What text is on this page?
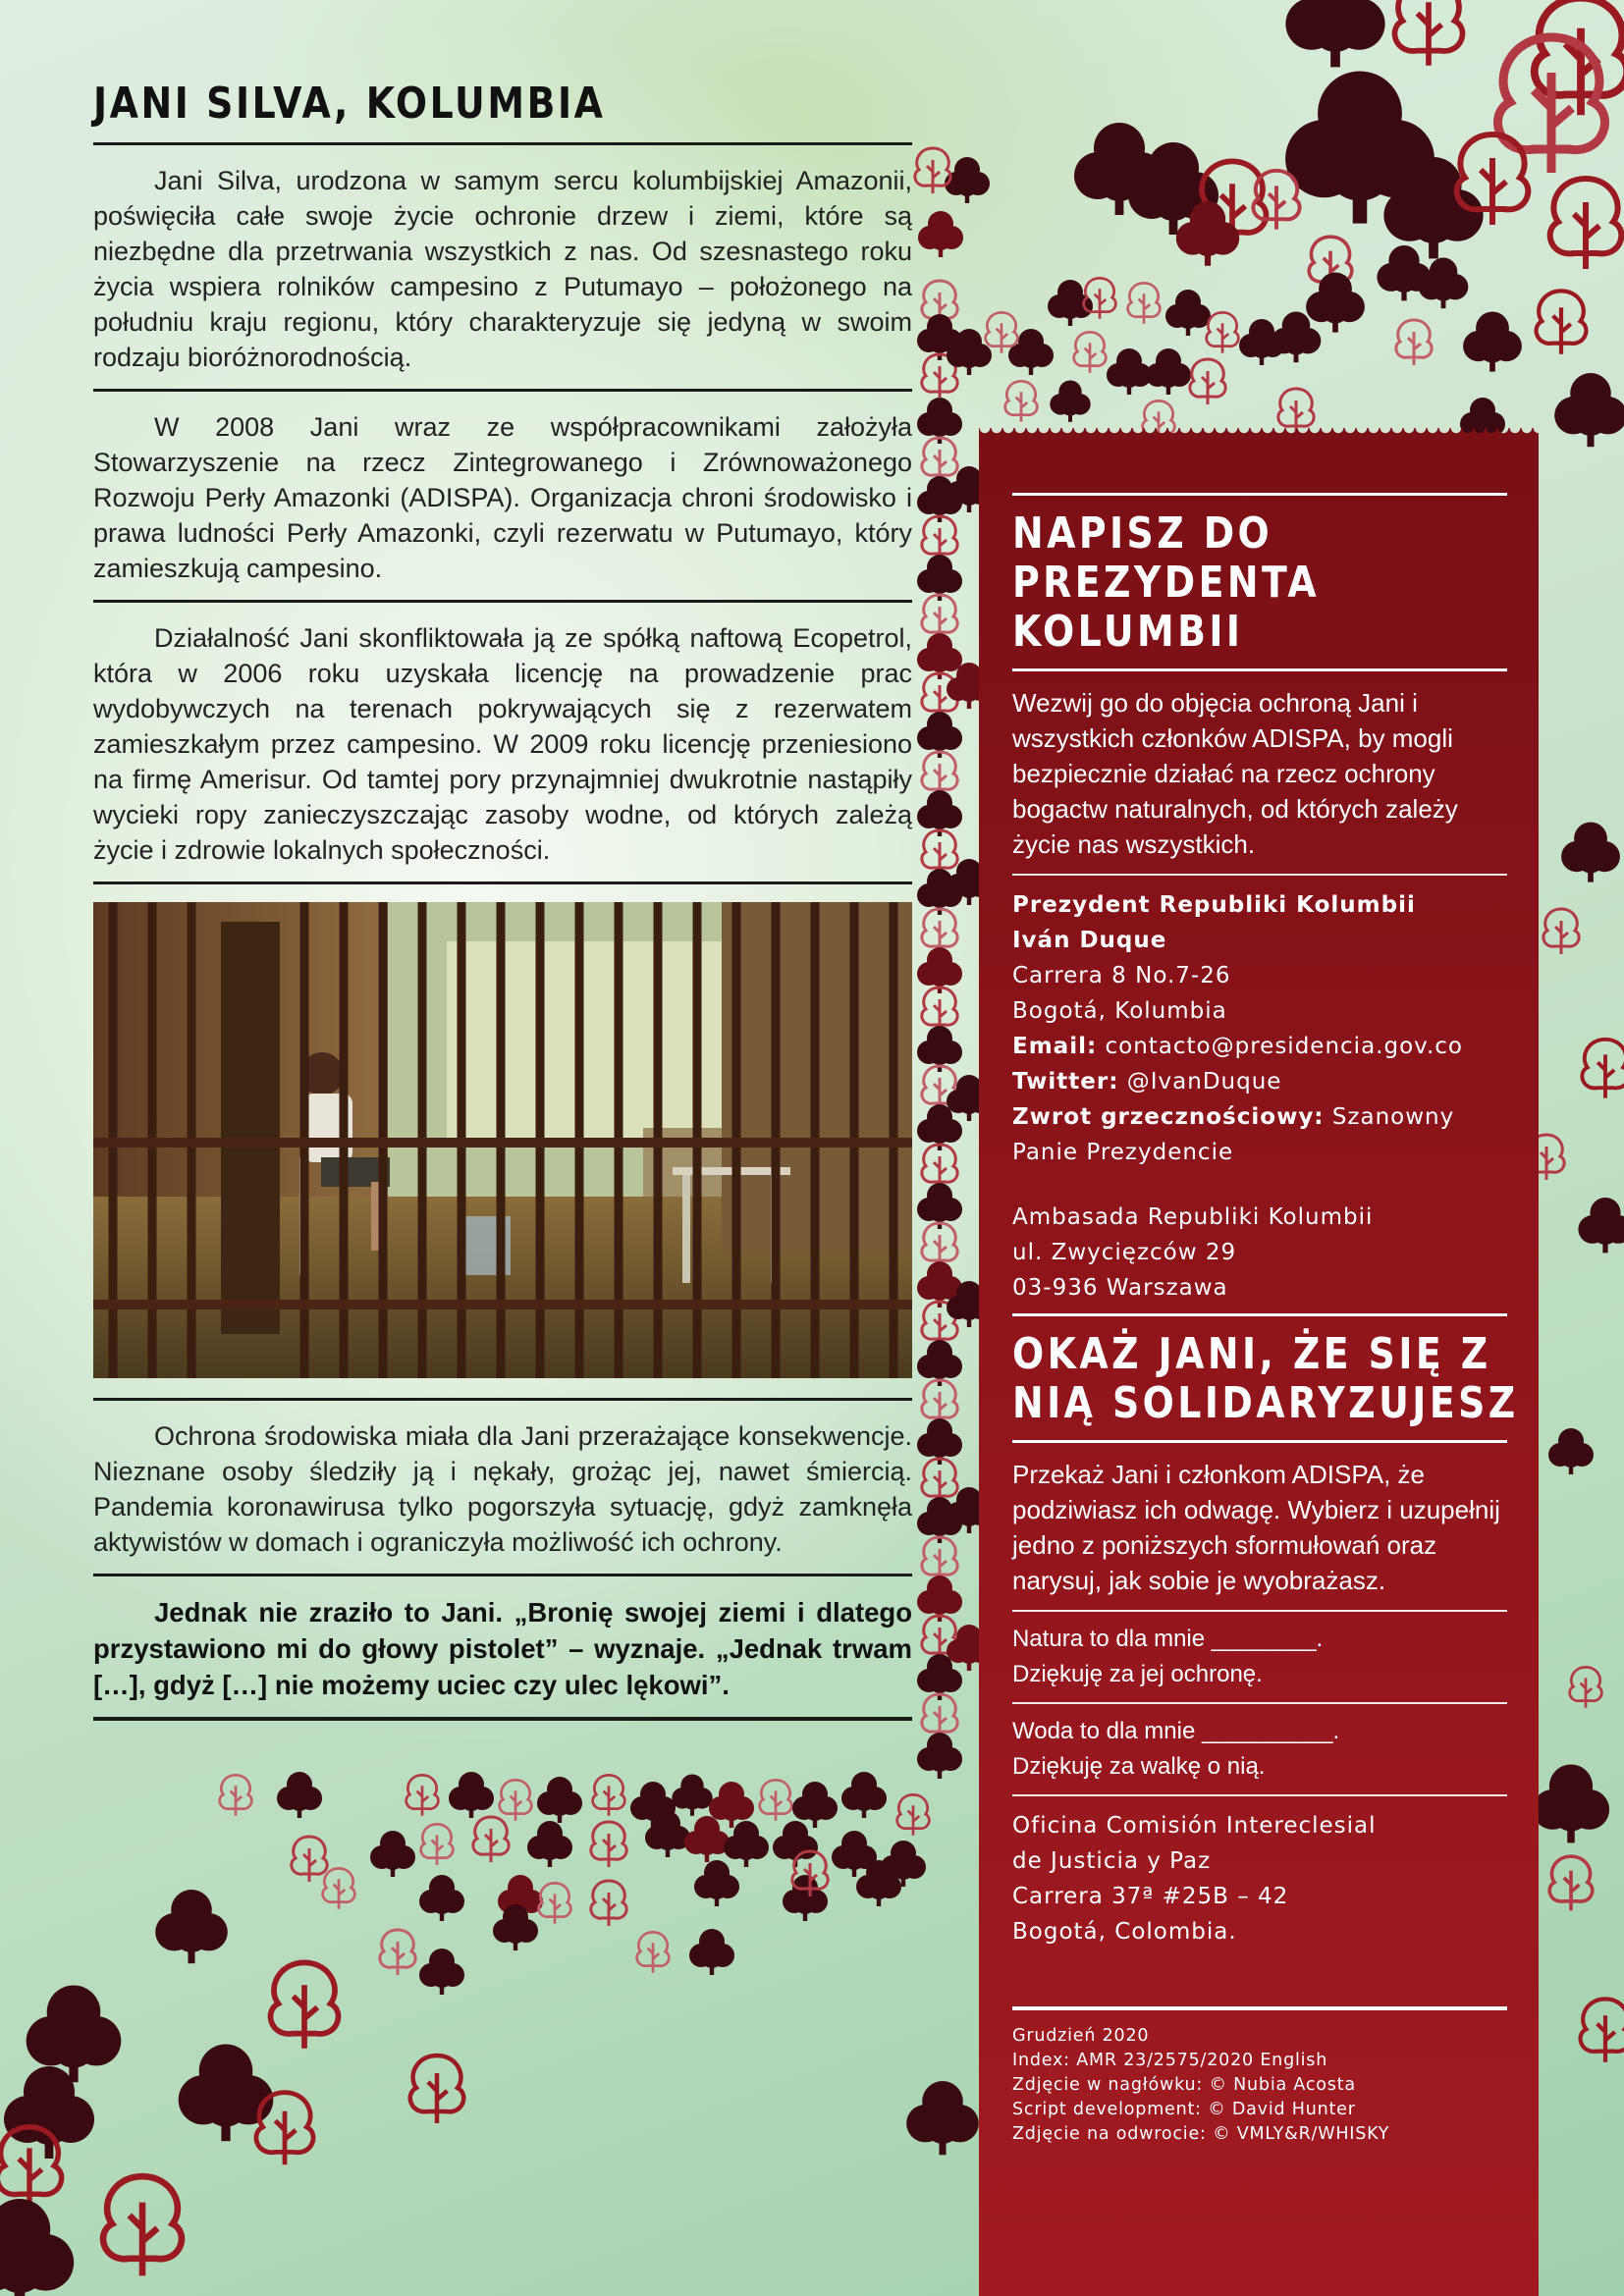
JANI SILVA, KOLUMBIA

Jani Silva, urodzona w samym sercu kolumbijskiej Amazonii, poświęciła całe swoje życie ochronie drzew i ziemi, które są niezbędne dla przetrwania wszystkich z nas. Od szesnastego roku życia wspiera rolników campesino z Putumayo – położonego na południu kraju regionu, który charakteryzuje się jedyną w swoim rodzaju bioróżnorodnością.

W 2008 Jani wraz ze współpracownikami założyła Stowarzyszenie na rzecz Zintegrowanego i Zrównoważonego Rozwoju Perły Amazonki (ADISPA). Organizacja chroni środowisko i prawa ludności Perły Amazonki, czyli rezerwatu w Putumayo, który zamieszkują campesino.

Działalność Jani skonfliktowała ją ze spółką naftową Ecopetrol, która w 2006 roku uzyskała licencję na prowadzenie prac wydobywczych na terenach pokrywających się z rezerwatem zamieszkałym przez campesino. W 2009 roku licencję przeniesiono na firmę Amerisur. Od tamtej pory przynajmniej dwukrotnie nastąpiły wycieki ropy zanieczyszczając zasoby wodne, od których zależą życie i zdrowie lokalnych społeczności.

Ochrona środowiska miała dla Jani przerażające konsekwencje. Nieznane osoby śledziły ją i nękały, grożąc jej, nawet śmiercią. Pandemia koronawirusa tylko pogorszyła sytuację, gdyż zamknęła aktywistów w domach i ograniczyła możliwość ich ochrony.

Jednak nie zraziło to Jani. „Bronię swojej ziemi i dlatego przystawiono mi do głowy pistolet” – wyznaje. „Jednak trwam […], gdyż […] nie możemy uciec czy ulec lękowi”.

NAPISZ DO
PREZYDENTA
KOLUMBII

Wezwij go do objęcia ochroną Jani i wszystkich członków ADISPA, by mogli bezpiecznie działać na rzecz ochrony bogactw naturalnych, od których zależy życie nas wszystkich.

Prezydent Republiki Kolumbii
Iván Duque
Carrera 8 No.7-26
Bogotá, Kolumbia
Email: contacto@presidencia.gov.co
Twitter: @IvanDuque
Zwrot grzecznościowy: Szanowny
Panie Prezydencie
Ambasada Republiki Kolumbii
ul. Zwycięzców 29
03-936 Warszawa
OKAŻ JANI, ŻE SIĘ Z
NIĄ SOLIDARYZUJESZ

Przekaż Jani i członkom ADISPA, że podziwiasz ich odwagę. Wybierz i uzupełnij jedno z poniższych sformułowań oraz narysuj, jak sobie je wyobrażasz.

Natura to dla mnie ________.
Dziękuję za jej ochronę.
Woda to dla mnie __________.
Dziękuję za walkę o nią.
Oficina Comisión Intereclesial
de Justicia y Paz
Carrera 37ª #25B – 42
Bogotá, Colombia.
Grudzień 2020
Index: AMR 23/2575/2020 English
Zdjęcie w nagłówku: © Nubia Acosta
Script development: © David Hunter
Zdjęcie na odwrocie: © VMLY&R/WHISKY
